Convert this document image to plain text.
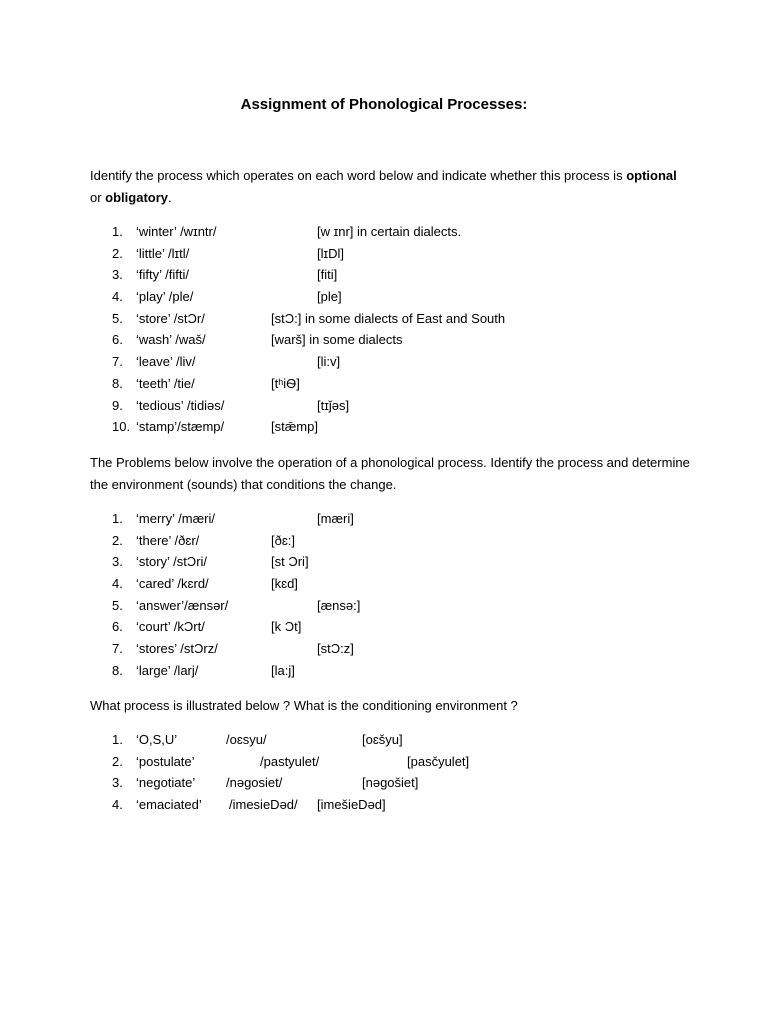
Assignment of Phonological Processes:
Identify the process which operates on each word below and indicate whether this process is optional or obligatory.
1.	‘winter’ /wɪntr/	[w ɪnr] in certain dialects.
2.	‘little’ /lɪtl/	[lɪDl]
3.	‘fifty’ /fifti/	[fiti]
4.	‘play’ /ple/	[ple]
5.	‘store’ /stƆr/	[stƆ:] in some dialects of East and South
6.	‘wash’ /waš/	[warš] in some dialects
7.	‘leave’ /liv/	[li:v]
8.	‘teeth’ /tie/	[tʰiѲ]
9.	‘tedious’ /tidiəs/	[tɪǰəs]
10. ‘stamp’/stæmp/	[stǣmp]
The Problems below involve the operation of a phonological process. Identify the process and determine the environment (sounds) that conditions the change.
1.	‘merry’ /mæri/	[mæri]
2.	‘there’ /ðɛr/	[ðɛ:]
3.	‘story’ /stƆri/	[st Ɔri]
4.	‘cared’ /kɛrd/	[kɛd]
5.	‘answer’/ænsər/	[ænsə:]
6.	‘court’ /kƆrt/	[k Ɔt]
7.	‘stores’ /stƆrz/	[stƆ:z]
8.	‘large’ /larj/	[la:j]
What process is illustrated below ? What is the conditioning environment ?
1.	‘O,S,U’	/oɛsyu/	[oɛšyu]
2.	‘postulate’	/pastyulet/	[pasčyulet]
3.	‘negotiate’ /nəgosiet/	[nəgošiet]
4.	‘emaciated’ /imesieDəd/ [imešieDəd]
